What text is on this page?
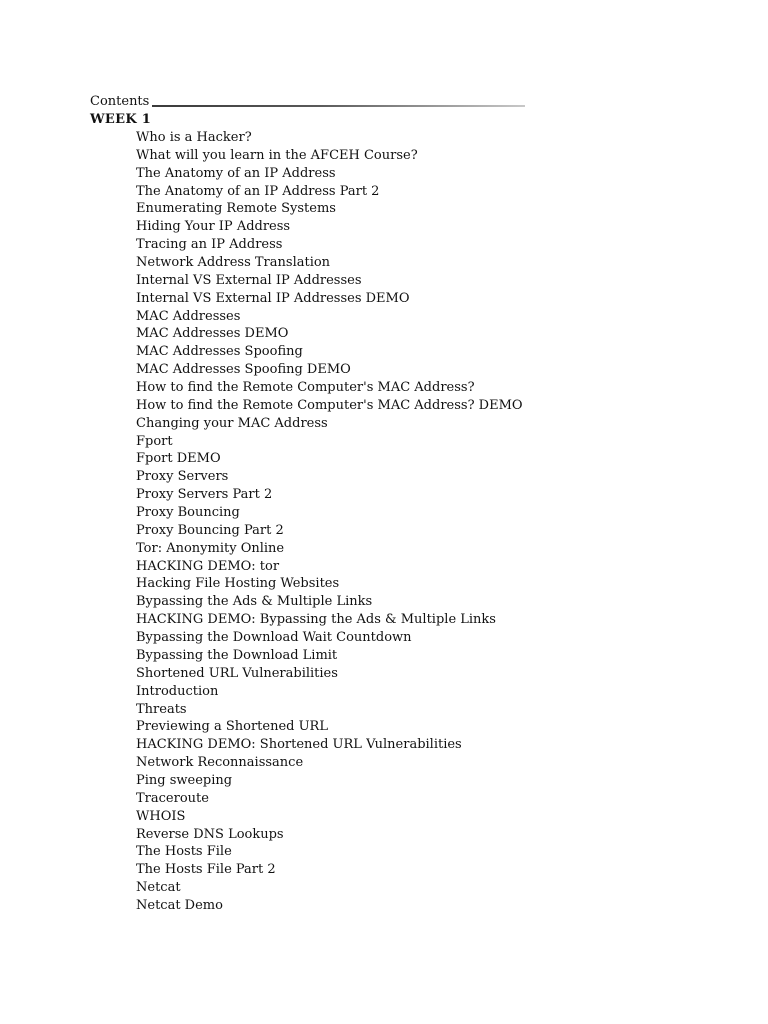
Contents
WEEK 1
Who is a Hacker?
What will you learn in the AFCEH Course?
The Anatomy of an IP Address
The Anatomy of an IP Address Part 2
Enumerating Remote Systems
Hiding Your IP Address
Tracing an IP Address
Network Address Translation
Internal VS External IP Addresses
Internal VS External IP Addresses DEMO
MAC Addresses
MAC Addresses DEMO
MAC Addresses Spoofing
MAC Addresses Spoofing DEMO
How to find the Remote Computer's MAC Address?
How to find the Remote Computer's MAC Address? DEMO
Changing your MAC Address
Fport
Fport DEMO
Proxy Servers
Proxy Servers Part 2
Proxy Bouncing
Proxy Bouncing Part 2
Tor: Anonymity Online
HACKING DEMO: tor
Hacking File Hosting Websites
Bypassing the Ads & Multiple Links
HACKING DEMO: Bypassing the Ads & Multiple Links
Bypassing the Download Wait Countdown
Bypassing the Download Limit
Shortened URL Vulnerabilities
Introduction
Threats
Previewing a Shortened URL
HACKING DEMO: Shortened URL Vulnerabilities
Network Reconnaissance
Ping sweeping
Traceroute
WHOIS
Reverse DNS Lookups
The Hosts File
The Hosts File Part 2
Netcat
Netcat Demo
